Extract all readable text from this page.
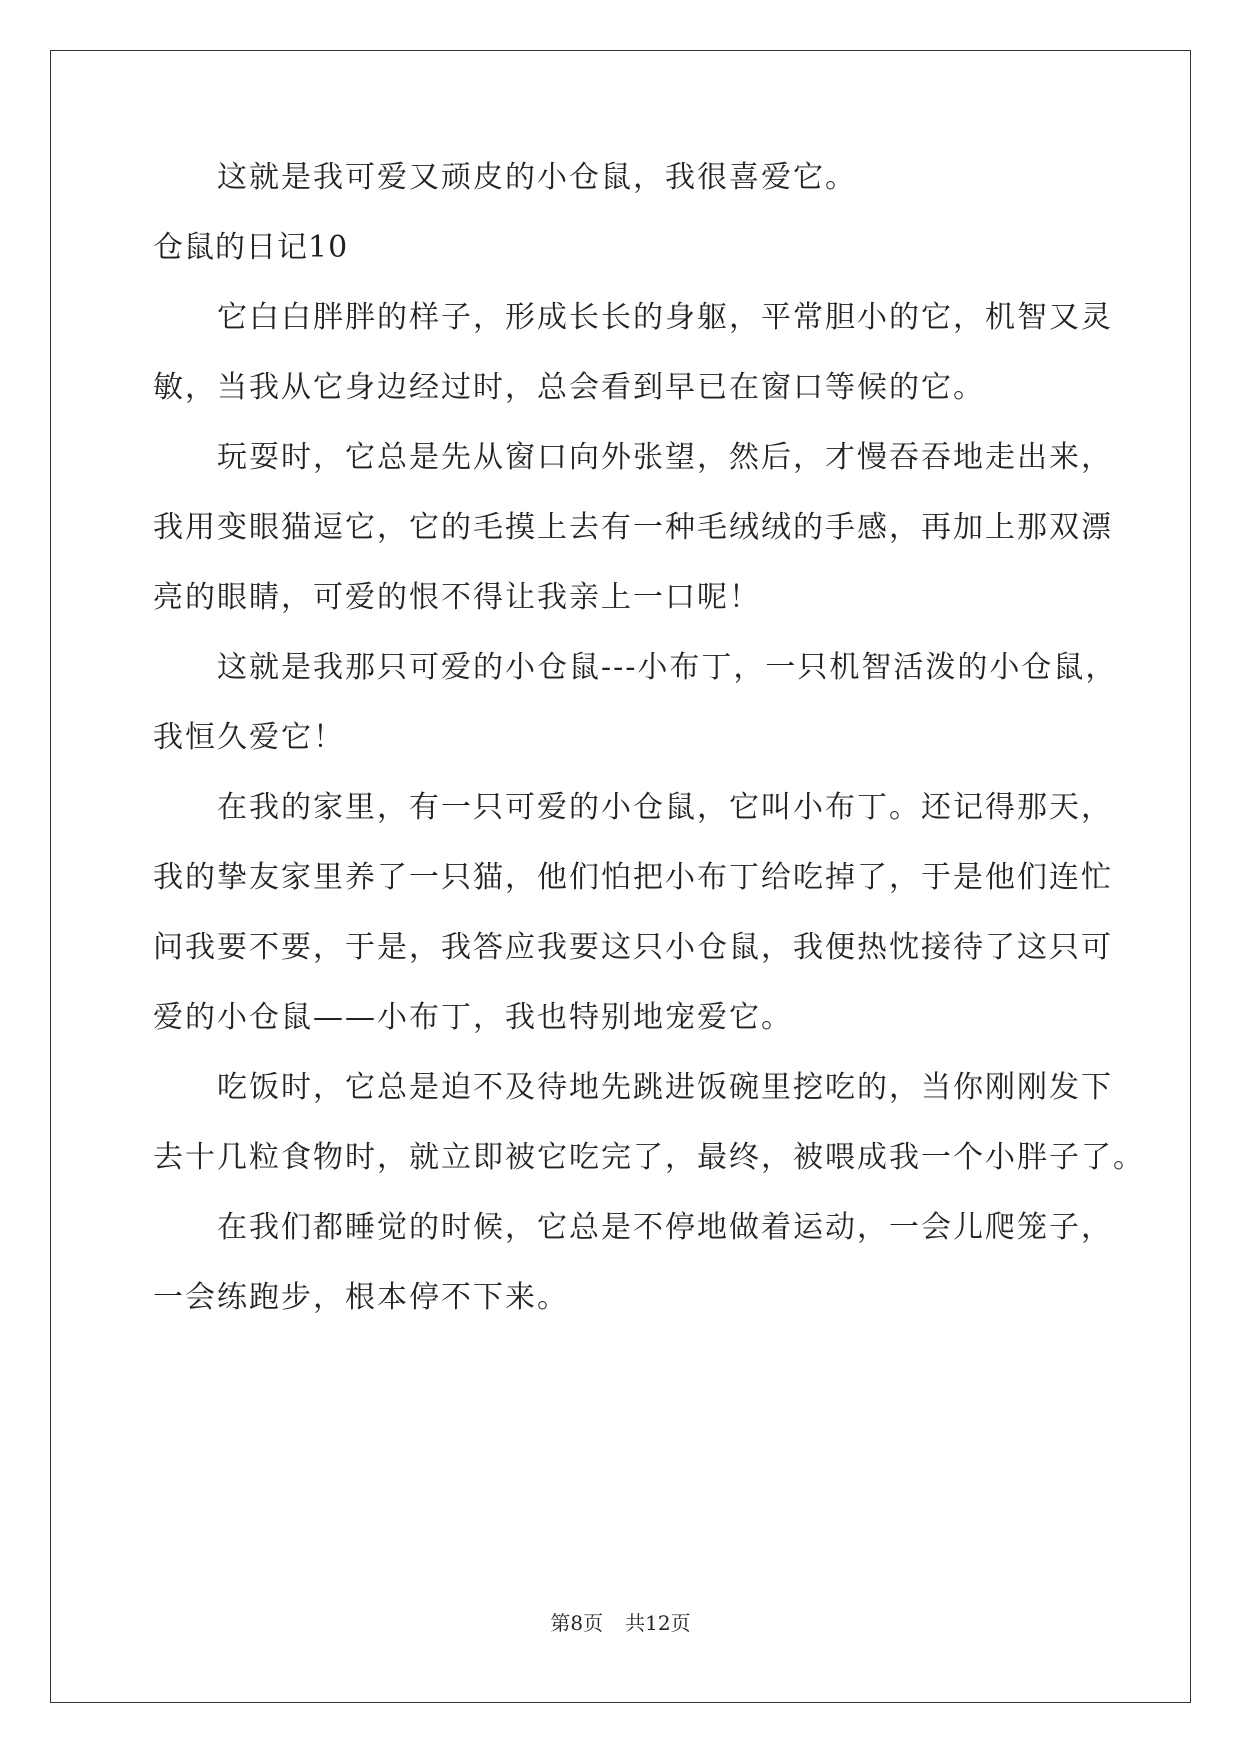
这就是我可爱又顽皮的小仓鼠，我很喜爱它。
仓鼠的日记10
它白白胖胖的样子，形成长长的身躯，平常胆小的它，机智又灵
敏，当我从它身边经过时，总会看到早已在窗口等候的它。
玩耍时，它总是先从窗口向外张望，然后，才慢吞吞地走出来，
我用变眼猫逗它，它的毛摸上去有一种毛绒绒的手感，再加上那双漂
亮的眼睛，可爱的恨不得让我亲上一口呢！
这就是我那只可爱的小仓鼠---小布丁，一只机智活泼的小仓鼠，
我恒久爱它！
在我的家里，有一只可爱的小仓鼠，它叫小布丁。还记得那天，
我的挚友家里养了一只猫，他们怕把小布丁给吃掉了，于是他们连忙
问我要不要，于是，我答应我要这只小仓鼠，我便热忱接待了这只可
爱的小仓鼠——小布丁，我也特别地宠爱它。
吃饭时，它总是迫不及待地先跳进饭碗里挖吃的，当你刚刚发下
去十几粒食物时，就立即被它吃完了，最终，被喂成我一个小胖子了。
在我们都睡觉的时候，它总是不停地做着运动，一会儿爬笼子，
一会练跑步，根本停不下来。
第8页 共12页
